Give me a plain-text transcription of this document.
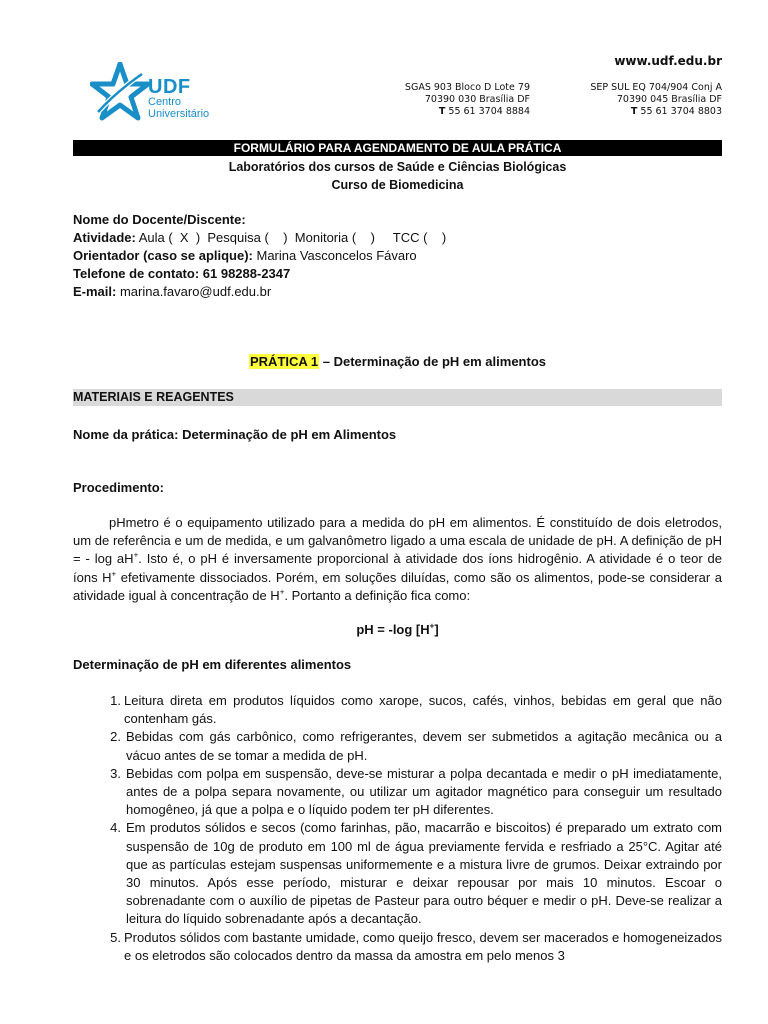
UDF
Centro
Universitário
www.udf.edu.br
SGAS 903 Bloco D Lote 79
70390 030 Brasília DF
T 55 61 3704 8884
SEP SUL EQ 704/904 Conj A
70390 045 Brasília DF
T 55 61 3704 8803
FORMULÁRIO PARA AGENDAMENTO DE AULA PRÁTICA
Laboratórios dos cursos de Saúde e Ciências Biológicas
Curso de Biomedicina
Nome do Docente/Discente:
Atividade: Aula (  X  )  Pesquisa (    )  Monitoria (    )     TCC (    )
Orientador (caso se aplique): Marina Vasconcelos Fávaro
Telefone de contato: 61 98288-2347
E-mail: marina.favaro@udf.edu.br
PRÁTICA 1 – Determinação de pH em alimentos
MATERIAIS E REAGENTES
Nome da prática: Determinação de pH em Alimentos
Procedimento:
pHmetro é o equipamento utilizado para a medida do pH em alimentos. É constituído de dois eletrodos, um de referência e um de medida, e um galvanômetro ligado a uma escala de unidade de pH. A definição de pH = - log aH+. Isto é, o pH é inversamente proporcional à atividade dos íons hidrogênio. A atividade é o teor de íons H+ efetivamente dissociados. Porém, em soluções diluídas, como são os alimentos, pode-se considerar a atividade igual à concentração de H+. Portanto a definição fica como:
pH = -log [H+]
Determinação de pH em diferentes alimentos
1. Leitura direta em produtos líquidos como xarope, sucos, cafés, vinhos, bebidas em geral que não contenham gás.
2. Bebidas com gás carbônico, como refrigerantes, devem ser submetidos a agitação mecânica ou a vácuo antes de se tomar a medida de pH.
3. Bebidas com polpa em suspensão, deve-se misturar a polpa decantada e medir o pH imediatamente, antes de a polpa separa novamente, ou utilizar um agitador magnético para conseguir um resultado homogêneo, já que a polpa e o líquido podem ter pH diferentes.
4. Em produtos sólidos e secos (como farinhas, pão, macarrão e biscoitos) é preparado um extrato com suspensão de 10g de produto em 100 ml de água previamente fervida e resfriado a 25°C. Agitar até que as partículas estejam suspensas uniformemente e a mistura livre de grumos. Deixar extraindo por 30 minutos. Após esse período, misturar e deixar repousar por mais 10 minutos. Escoar o sobrenadante com o auxílio de pipetas de Pasteur para outro béquer e medir o pH. Deve-se realizar a leitura do líquido sobrenadante após a decantação.
5. Produtos sólidos com bastante umidade, como queijo fresco, devem ser macerados e homogeneizados e os eletrodos são colocados dentro da massa da amostra em pelo menos 3
